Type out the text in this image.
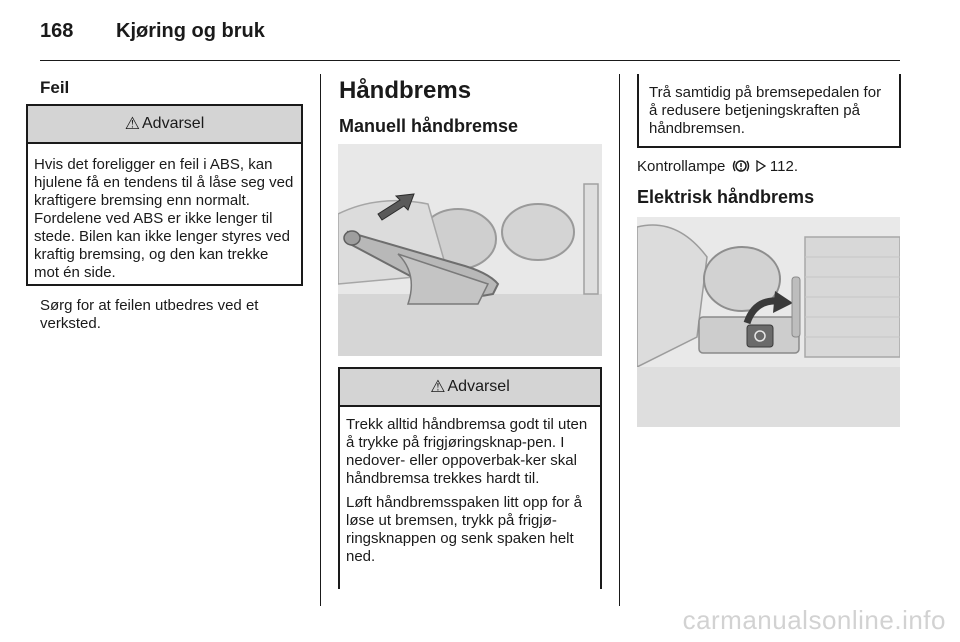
168 Kjøring og bruk
Feil
⚠ Advarsel

Hvis det foreligger en feil i ABS, kan hjulene få en tendens til å låse seg ved kraftigere bremsing enn normalt. Fordelene ved ABS er ikke lenger til stede. Bilen kan ikke lenger styres ved kraftig bremsing, og den kan trekke mot én side.

Sørg for at feilen utbedres ved et verksted.
Håndbrems
Manuell håndbremse
⚠ Advarsel

Trekk alltid håndbremsa godt til uten å trykke på frigjøringsknap-pen. I nedover- eller oppoverbak-ker skal håndbremsa trekkes hardt til.

Løft håndbremsspaken litt opp for å løse ut bremsen, trykk på frigjø-ringsknappen og senk spaken helt ned.

Trå samtidig på bremsepedalen for å redusere betjeningskraften på håndbremsen.
Kontrollampe	112.
Elektrisk håndbrems
carmanualsonline.info
